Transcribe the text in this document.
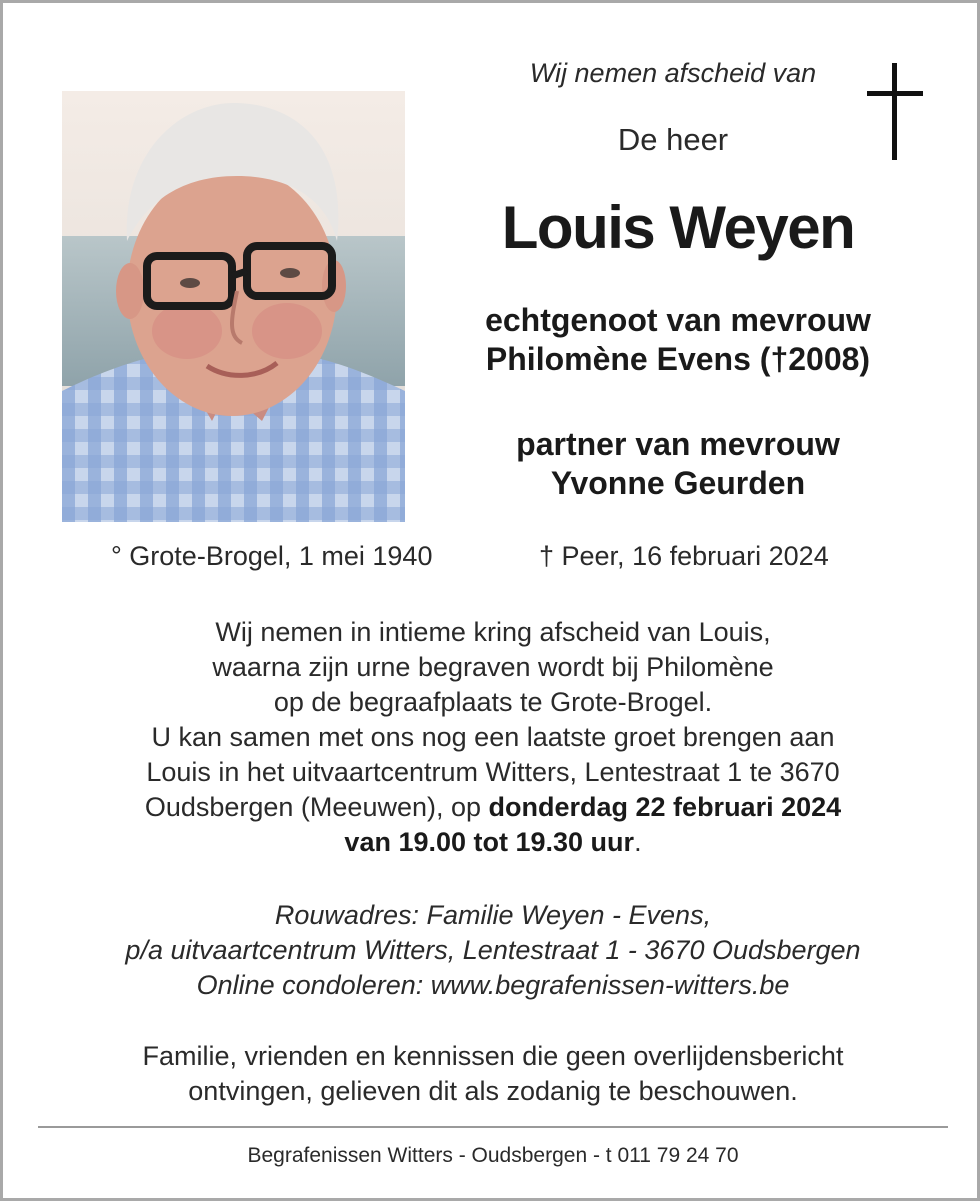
Wij nemen afscheid van
De heer
Louis Weyen
echtgenoot van mevrouw
Philomène Evens (†2008)
partner van mevrouw
Yvonne Geurden
° Grote-Brogel, 1 mei 1940	† Peer, 16 februari 2024
Wij nemen in intieme kring afscheid van Louis,
waarna zijn urne begraven wordt bij Philomène
op de begraafplaats te Grote-Brogel.
U kan samen met ons nog een laatste groet brengen aan
Louis in het uitvaartcentrum Witters, Lentestraat 1 te 3670
Oudsbergen (Meeuwen), op donderdag 22 februari 2024
van 19.00 tot 19.30 uur.
Rouwadres: Familie Weyen - Evens,
p/a uitvaartcentrum Witters, Lentestraat 1 - 3670 Oudsbergen
Online condoleren: www.begrafenissen-witters.be
Familie, vrienden en kennissen die geen overlijdensbericht
ontvingen, gelieven dit als zodanig te beschouwen.
Begrafenissen Witters - Oudsbergen - t 011 79 24 70
